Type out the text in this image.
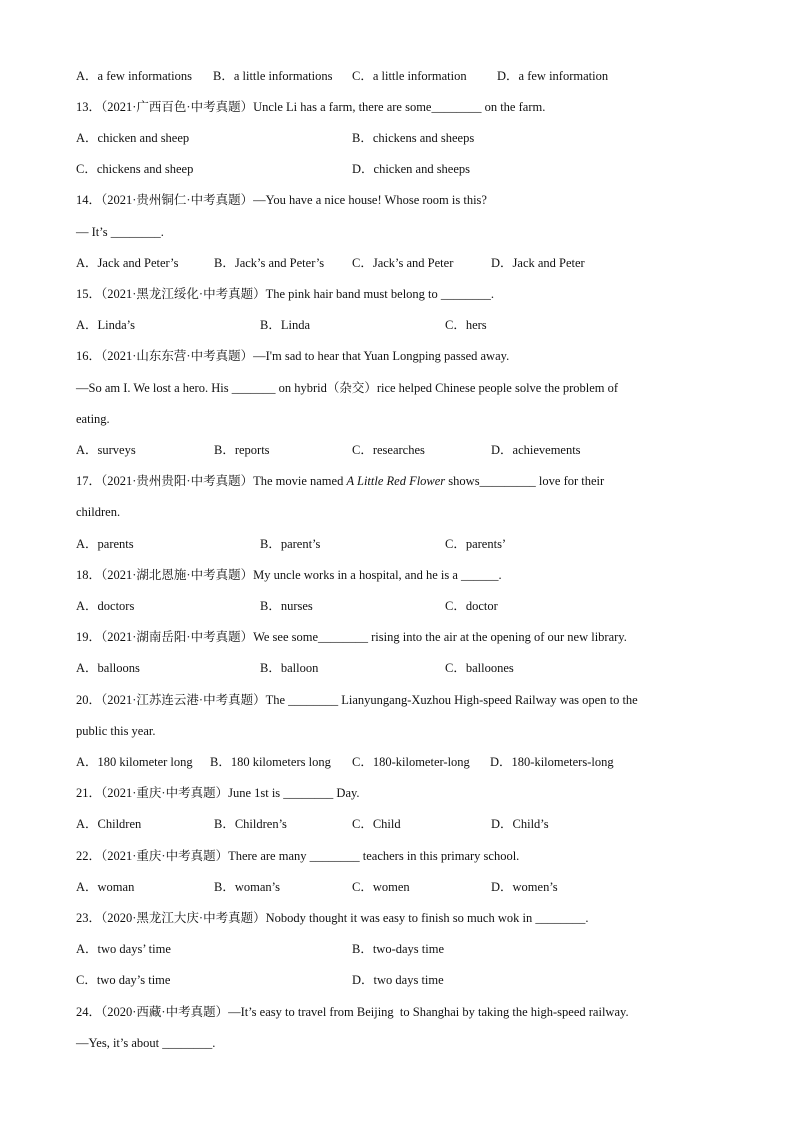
A．a few informations B．a little informations C．a little information D．a few information
13．（2021·广西百色·中考真题）Uncle Li has a farm, there are some________ on the farm.
A．chicken and sheep	B．chickens and sheeps
C．chickens and sheep	D．chicken and sheeps
14．（2021·贵州铜仁·中考真题）—You have a nice house! Whose room is this?
— It’s ________.
A．Jack and Peter’s	B．Jack’s and Peter’s C．Jack’s and Peter	D．Jack and Peter
15．（2021·黑龙江绥化·中考真题）The pink hair band must belong to ________.
A．Linda’s	B．Linda	C．hers
16．（2021·山东东营·中考真题）—I'm sad to hear that Yuan Longping passed away.
—So am I. We lost a hero. His _______ on hybrid（杂交）rice helped Chinese people solve the problem of
eating.
A．surveys	B．reports	C．researches	D．achievements
17．（2021·贵州贵阳·中考真题）The movie named A Little Red Flower shows_________ love for their
children.
A．parents	B．parent’s	C．parents’
18．（2021·湖北恩施·中考真题）My uncle works in a hospital, and he is a ______.
A．doctors	B．nurses	C．doctor
19．（2021·湖南岳阳·中考真题）We see some________ rising into the air at the opening of our new library.
A．balloons	B．balloon	C．balloones
20．（2021·江苏连云港·中考真题）The ________ Lianyungang-Xuzhou High-speed Railway was open to the
public this year.
A．180 kilometer long B．180 kilometers long C．180-kilometer-long D．180-kilometers-long
21．（2021·重庆·中考真题）June 1st is ________ Day.
A．Children	B．Children’s	C．Child	D．Child’s
22．（2021·重庆·中考真题）There are many ________ teachers in this primary school.
A．woman	B．woman’s	C．women	D．women’s
23．（2020·黑龙江大庆·中考真题）Nobody thought it was easy to finish so much wok in ________.
A．two days’ time	B．two-days time
C．two day’s time	D．two days time
24．（2020·西藏·中考真题）—It’s easy to travel from Beijing  to Shanghai by taking the high-speed railway.
—Yes, it’s about ________.
